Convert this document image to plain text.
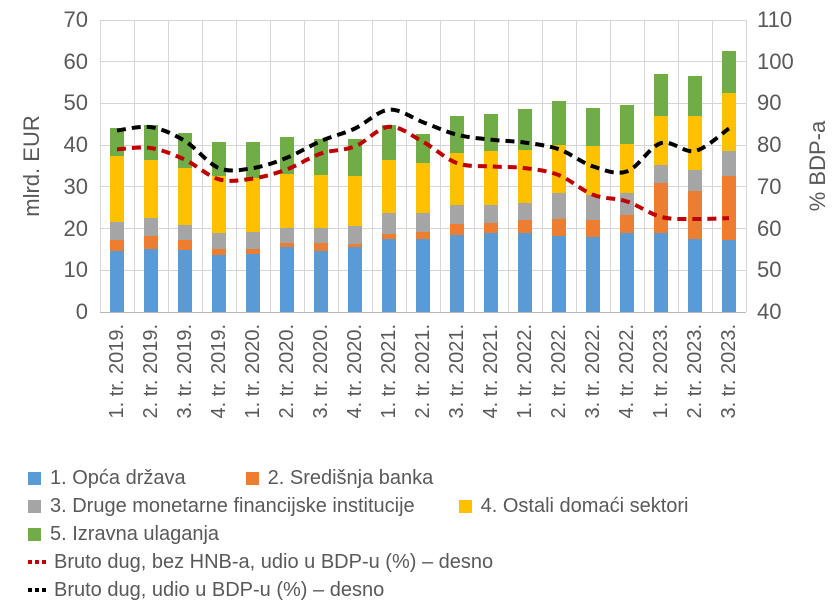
0
10
20
30
40
50
60
70
40
50
60
70
80
90
100
110
mlrd. EUR	% BDP-a
1. tr. 2019. 2. tr. 2019. 3. tr. 2019. 4. tr. 2019. 1. tr. 2020. 2. tr. 2020. 3. tr. 2020. 4. tr. 2020. 1. tr. 2021. 2. tr. 2021. 3. tr. 2021. 4. tr. 2021. 1. tr. 2022. 2. tr. 2022. 3. tr. 2022. 4. tr. 2022. 1. tr. 2023. 2. tr. 2023. 3. tr. 2023.
1. Opća država	2. Središnja banka
3. Druge monetarne financijske institucije	4. Ostali domaći sektori
5. Izravna ulaganja
Bruto dug, bez HNB-a, udio u BDP-u (%) – desno
Bruto dug, udio u BDP-u (%) – desno
